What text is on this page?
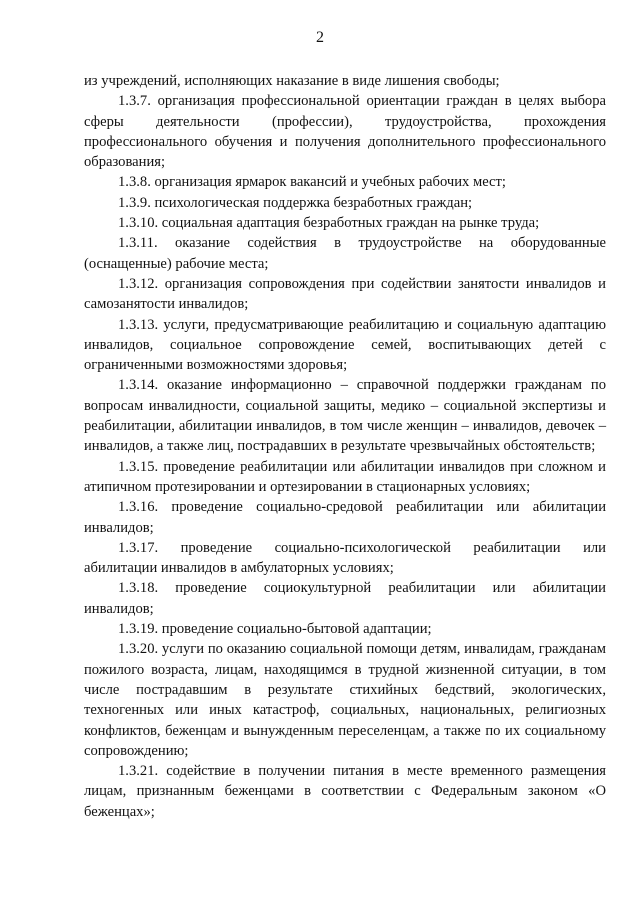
2

из учреждений, исполняющих наказание в виде лишения свободы;

1.3.7. организация профессиональной ориентации граждан в целях выбора сферы деятельности (профессии), трудоустройства, прохождения профессионального обучения и получения дополнительного профессионального образования;

1.3.8. организация ярмарок вакансий и учебных рабочих мест;

1.3.9. психологическая поддержка безработных граждан;

1.3.10. социальная адаптация безработных граждан на рынке труда;

1.3.11. оказание содействия в трудоустройстве на оборудованные (оснащенные) рабочие места;

1.3.12. организация сопровождения при содействии занятости инвалидов и самозанятости инвалидов;

1.3.13. услуги, предусматривающие реабилитацию и социальную адаптацию инвалидов, социальное сопровождение семей, воспитывающих детей с ограниченными возможностями здоровья;

1.3.14. оказание информационно – справочной поддержки гражданам по вопросам инвалидности, социальной защиты, медико – социальной экспертизы и реабилитации, абилитации инвалидов, в том числе женщин – инвалидов, девочек – инвалидов, а также лиц, пострадавших в результате чрезвычайных обстоятельств;

1.3.15. проведение реабилитации или абилитации инвалидов при сложном и атипичном протезировании и ортезировании в стационарных условиях;

1.3.16. проведение социально-средовой реабилитации или абилитации инвалидов;

1.3.17. проведение социально-психологической реабилитации или абилитации инвалидов в амбулаторных условиях;

1.3.18. проведение социокультурной реабилитации или абилитации инвалидов;

1.3.19. проведение социально-бытовой адаптации;

1.3.20. услуги по оказанию социальной помощи детям, инвалидам, гражданам пожилого возраста, лицам, находящимся в трудной жизненной ситуации, в том числе пострадавшим в результате стихийных бедствий, экологических, техногенных или иных катастроф, социальных, национальных, религиозных конфликтов, беженцам и вынужденным переселенцам, а также по их социальному сопровождению;

1.3.21. содействие в получении питания в месте временного размещения лицам, признанным беженцами в соответствии с Федеральным законом «О беженцах»;
